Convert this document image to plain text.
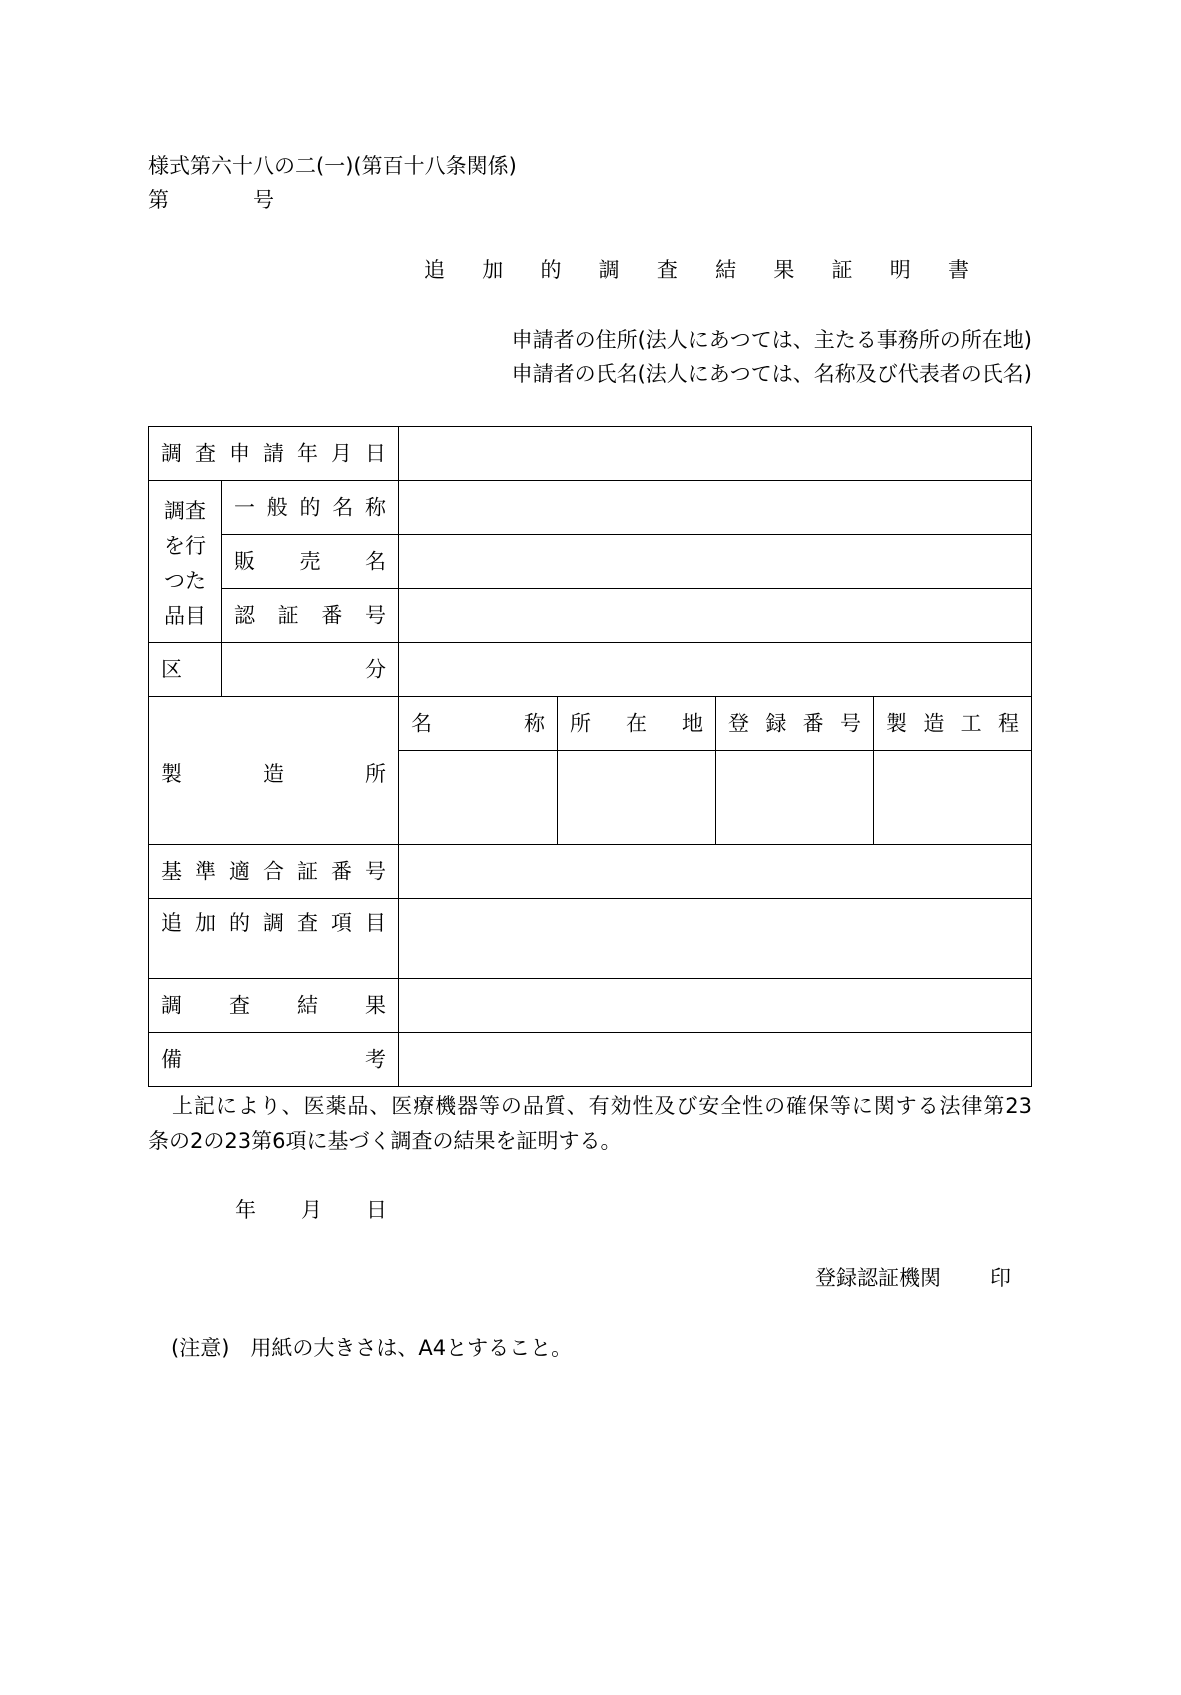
様式第六十八の二(一)(第百十八条関係)
第　　　　号
追加的調査結果証明書
申請者の住所(法人にあつては、主たる事務所の所在地)
申請者の氏名(法人にあつては、名称及び代表者の氏名)
調査申請年月日
調査
を行
つた
品目
一般的名称
販売名
認証番号
区分
製造所
名称 所在地 登録番号 製造工程
基準適合証番号
追加的調査項目
調査結果
備考
上記により、医薬品、医療機器等の品質、有効性及び安全性の確保等に関する法律第23
条の2の23第6項に基づく調査の結果を証明する。
年 月 日
登録認証機関 印
(注意)　用紙の大きさは、A4とすること。
